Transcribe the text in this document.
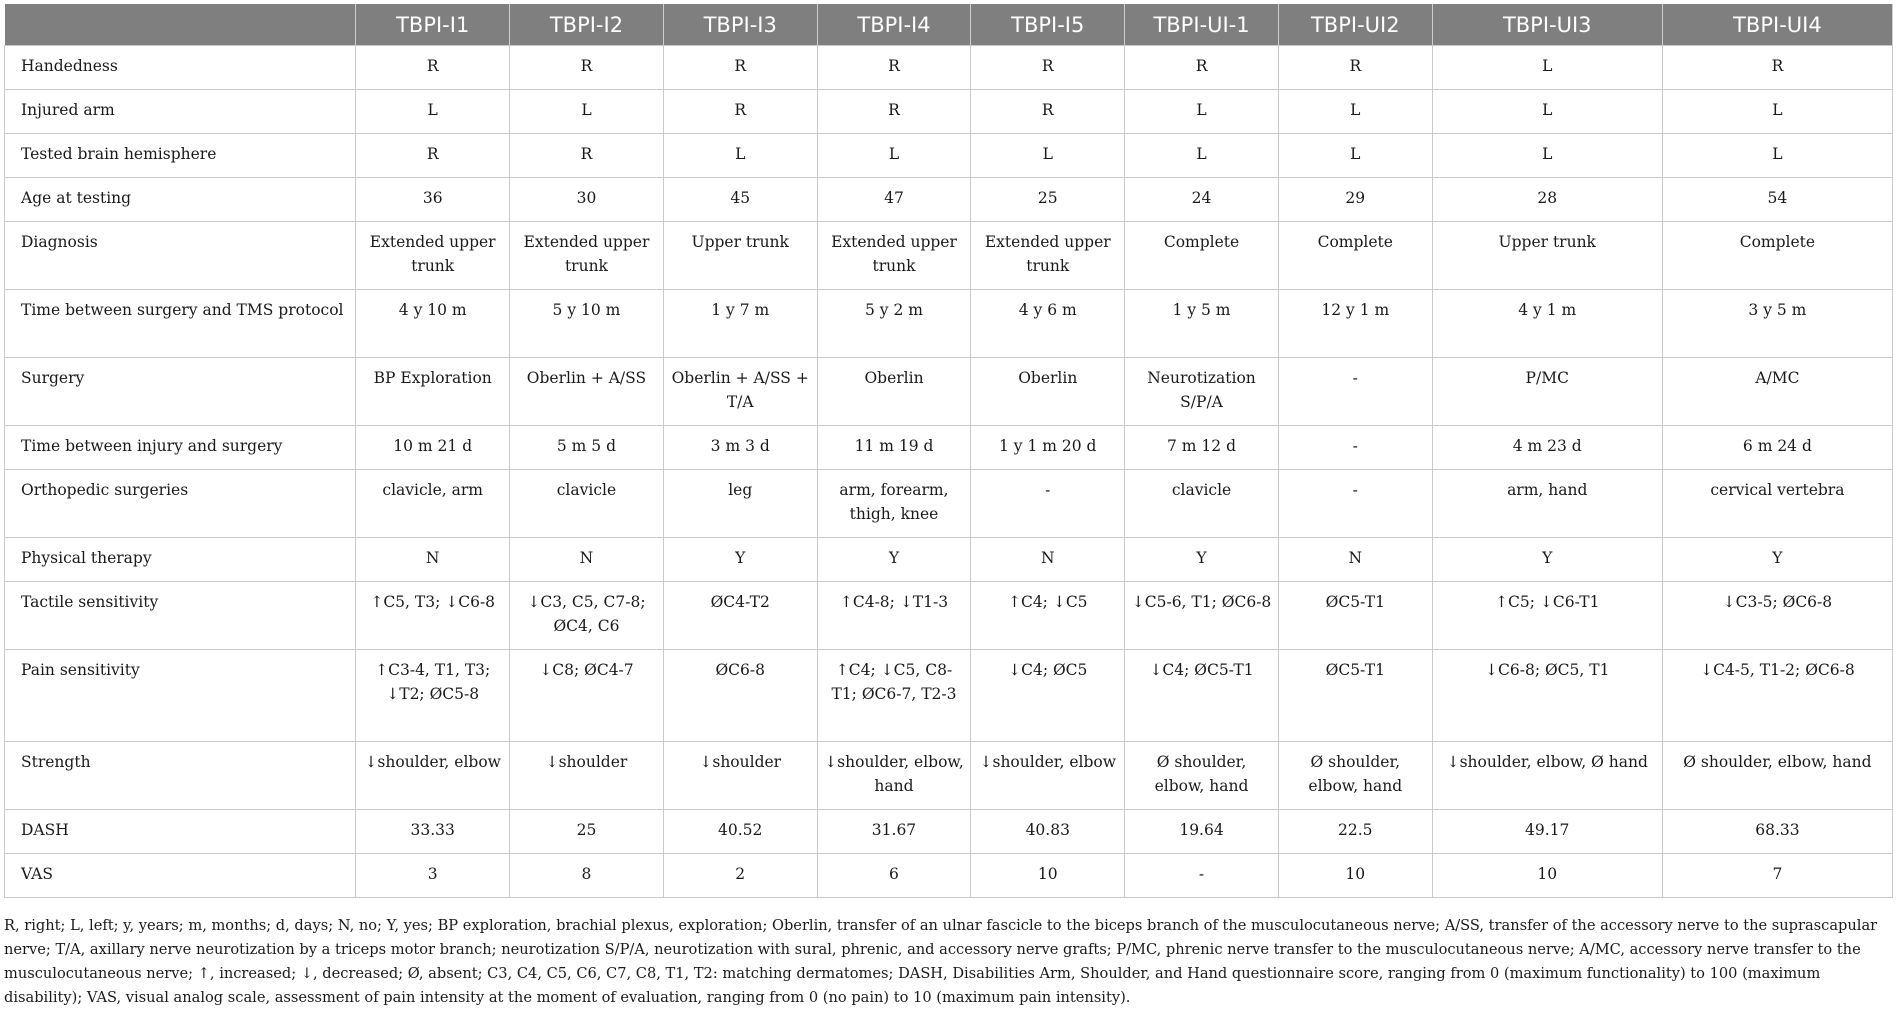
	TBPI-I1	TBPI-I2	TBPI-I3	TBPI-I4	TBPI-I5	TBPI-UI-1	TBPI-UI2	TBPI-UI3	TBPI-UI4
Handedness	R	R	R	R	R	R	R	L	R
Injured arm	L	L	R	R	R	L	L	L	L
Tested brain hemisphere	R	R	L	L	L	L	L	L	L
Age at testing	36	30	45	47	25	24	29	28	54
Diagnosis	Extended upper trunk	Extended upper trunk	Upper trunk	Extended upper trunk	Extended upper trunk	Complete	Complete	Upper trunk	Complete
Time between surgery and TMS protocol	4 y 10 m	5 y 10 m	1 y 7 m	5 y 2 m	4 y 6 m	1 y 5 m	12 y 1 m	4 y 1 m	3 y 5 m
Surgery	BP Exploration	Oberlin + A/SS	Oberlin + A/SS + T/A	Oberlin	Oberlin	Neurotization S/P/A	-	P/MC	A/MC
Time between injury and surgery	10 m 21 d	5 m 5 d	3 m 3 d	11 m 19 d	1 y 1 m 20 d	7 m 12 d	-	4 m 23 d	6 m 24 d
Orthopedic surgeries	clavicle, arm	clavicle	leg	arm, forearm, thigh, knee	-	clavicle	-	arm, hand	cervical vertebra
Physical therapy	N	N	Y	Y	N	Y	N	Y	Y
Tactile sensitivity	↑C5, T3; ↓C6-8	↓C3, C5, C7-8; ØC4, C6	ØC4-T2	↑C4-8; ↓T1-3	↑C4; ↓C5	↓C5-6, T1; ØC6-8	ØC5-T1	↑C5; ↓C6-T1	↓C3-5; ØC6-8
Pain sensitivity	↑C3-4, T1, T3; ↓T2; ØC5-8	↓C8; ØC4-7	ØC6-8	↑C4; ↓C5, C8-T1; ØC6-7, T2-3	↓C4; ØC5	↓C4; ØC5-T1	ØC5-T1	↓C6-8; ØC5, T1	↓C4-5, T1-2; ØC6-8
Strength	↓shoulder, elbow	↓shoulder	↓shoulder	↓shoulder, elbow, hand	↓shoulder, elbow	Ø shoulder, elbow, hand	Ø shoulder, elbow, hand	↓shoulder, elbow, Ø hand	Ø shoulder, elbow, hand
DASH	33.33	25	40.52	31.67	40.83	19.64	22.5	49.17	68.33
VAS	3	8	2	6	10	-	10	10	7

R, right; L, left; y, years; m, months; d, days; N, no; Y, yes; BP exploration, brachial plexus, exploration; Oberlin, transfer of an ulnar fascicle to the biceps branch of the musculocutaneous nerve; A/SS, transfer of the accessory nerve to the suprascapular nerve; T/A, axillary nerve neurotization by a triceps motor branch; neurotization S/P/A, neurotization with sural, phrenic, and accessory nerve grafts; P/MC, phrenic nerve transfer to the musculocutaneous nerve; A/MC, accessory nerve transfer to the musculocutaneous nerve; ↑, increased; ↓, decreased; Ø, absent; C3, C4, C5, C6, C7, C8, T1, T2: matching dermatomes; DASH, Disabilities Arm, Shoulder, and Hand questionnaire score, ranging from 0 (maximum functionality) to 100 (maximum disability); VAS, visual analog scale, assessment of pain intensity at the moment of evaluation, ranging from 0 (no pain) to 10 (maximum pain intensity).
